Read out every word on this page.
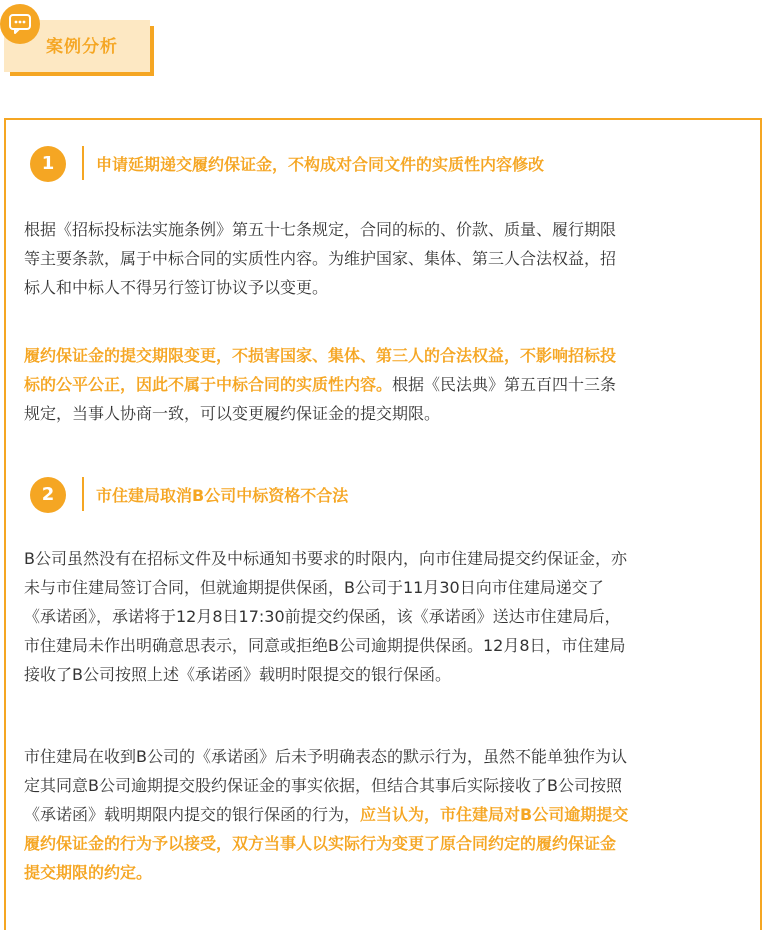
案例分析
1	申请延期递交履约保证金，不构成对合同文件的实质性内容修改
根据《招标投标法实施条例》第五十七条规定，合同的标的、价款、质量、履行期限
等主要条款，属于中标合同的实质性内容。为维护国家、集体、第三人合法权益，招
标人和中标人不得另行签订协议予以变更。
履约保证金的提交期限变更，不损害国家、集体、第三人的合法权益，不影响招标投
标的公平公正，因此不属于中标合同的实质性内容。根据《民法典》第五百四十三条
规定，当事人协商一致，可以变更履约保证金的提交期限。
2	市住建局取消B公司中标资格不合法
B公司虽然没有在招标文件及中标通知书要求的时限内，向市住建局提交约保证金，亦
未与市住建局签订合同，但就逾期提供保函，B公司于11月30日向市住建局递交了
《承诺函》，承诺将于12月8日17:30前提交约保函，该《承诺函》送达市住建局后，
市住建局未作出明确意思表示，同意或拒绝B公司逾期提供保函。12月8日，市住建局
接收了B公司按照上述《承诺函》载明时限提交的银行保函。
市住建局在收到B公司的《承诺函》后未予明确表态的默示行为，虽然不能单独作为认
定其同意B公司逾期提交股约保证金的事实依据，但结合其事后实际接收了B公司按照
《承诺函》载明期限内提交的银行保函的行为，应当认为，市住建局对B公司逾期提交
履约保证金的行为予以接受，双方当事人以实际行为变更了原合同约定的履约保证金
提交期限的约定。
